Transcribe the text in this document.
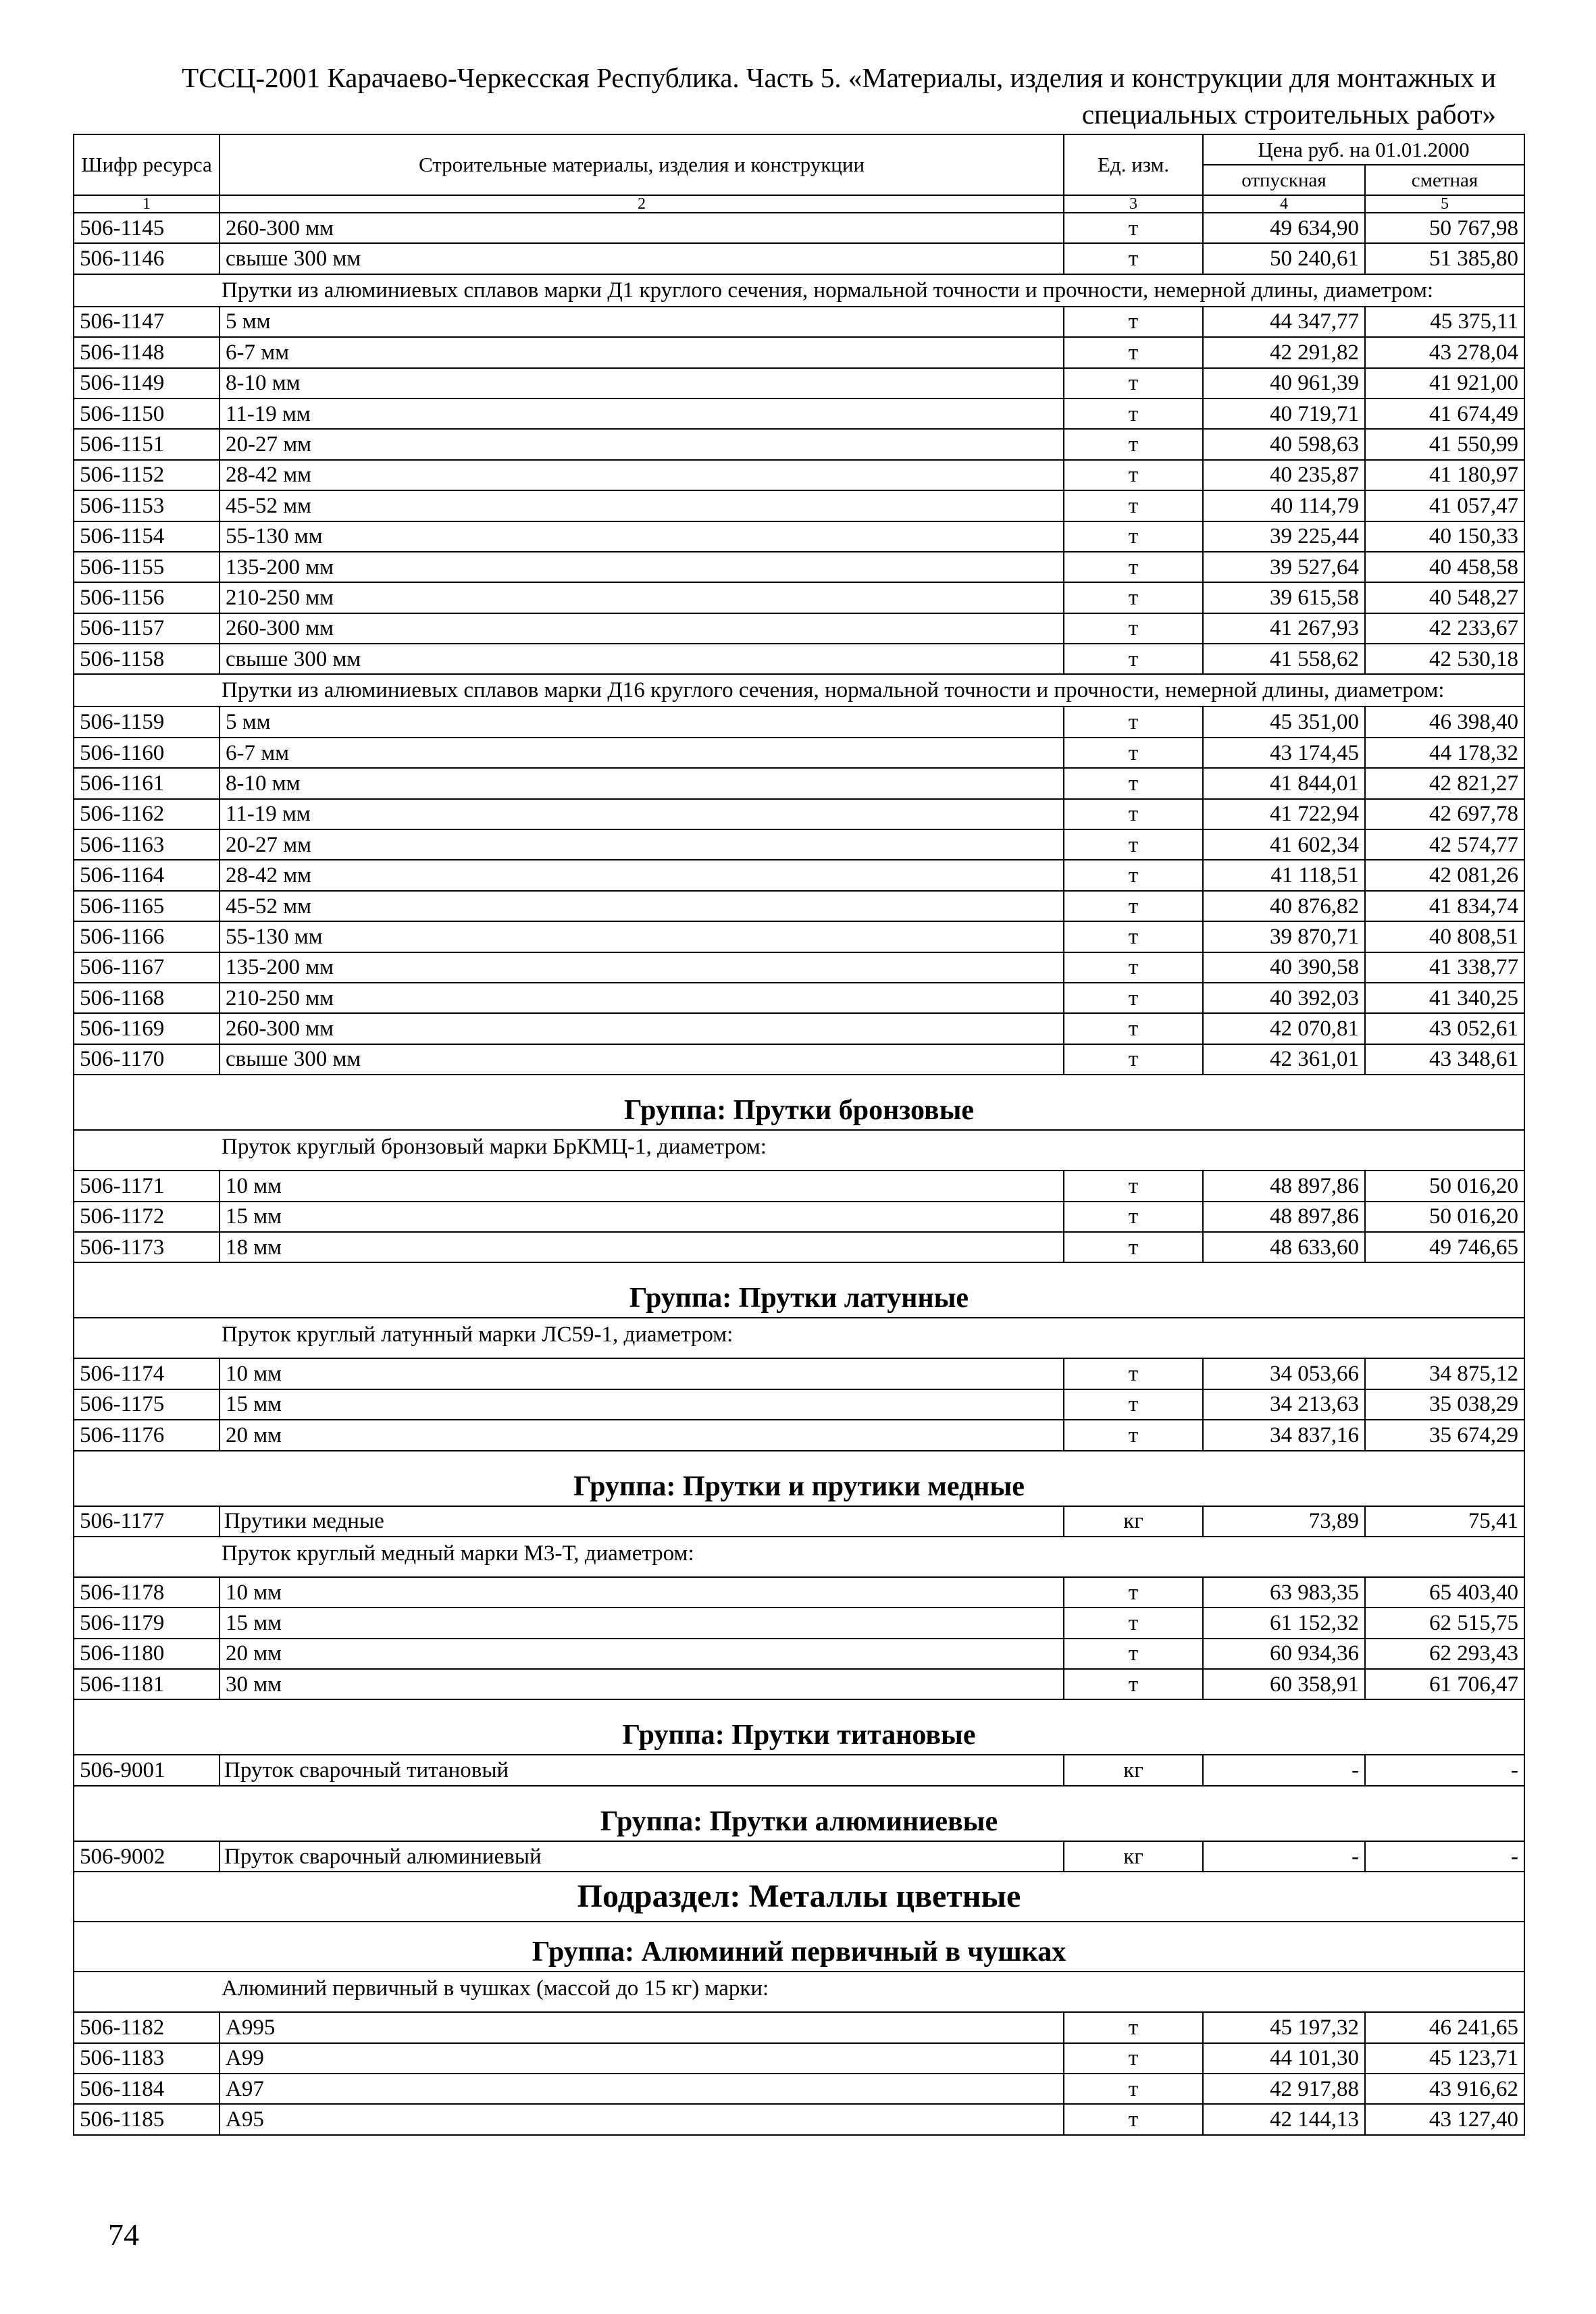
ТССЦ-2001 Карачаево-Черкесская Республика. Часть 5. «Материалы, изделия и конструкции для монтажных и
специальных строительных работ»
Шифр ресурса	Строительные материалы, изделия и конструкции	Ед. изм.	Цена руб. на 01.01.2000	
			отпускная	сметная
1	2	3	4	5
506-1145	260-300 мм	т	49 634,90	50 767,98
506-1146	свыше 300 мм	т	50 240,61	51 385,80
Прутки из алюминиевых сплавов марки Д1 круглого сечения, нормальной точности и прочности, немерной длины, диаметром:				
506-1147	5 мм	т	44 347,77	45 375,11
506-1148	6-7 мм	т	42 291,82	43 278,04
506-1149	8-10 мм	т	40 961,39	41 921,00
506-1150	11-19 мм	т	40 719,71	41 674,49
506-1151	20-27 мм	т	40 598,63	41 550,99
506-1152	28-42 мм	т	40 235,87	41 180,97
506-1153	45-52 мм	т	40 114,79	41 057,47
506-1154	55-130 мм	т	39 225,44	40 150,33
506-1155	135-200 мм	т	39 527,64	40 458,58
506-1156	210-250 мм	т	39 615,58	40 548,27
506-1157	260-300 мм	т	41 267,93	42 233,67
506-1158	свыше 300 мм	т	41 558,62	42 530,18
Прутки из алюминиевых сплавов марки Д16 круглого сечения, нормальной точности и прочности, немерной длины, диаметром:				
506-1159	5 мм	т	45 351,00	46 398,40
506-1160	6-7 мм	т	43 174,45	44 178,32
506-1161	8-10 мм	т	41 844,01	42 821,27
506-1162	11-19 мм	т	41 722,94	42 697,78
506-1163	20-27 мм	т	41 602,34	42 574,77
506-1164	28-42 мм	т	41 118,51	42 081,26
506-1165	45-52 мм	т	40 876,82	41 834,74
506-1166	55-130 мм	т	39 870,71	40 808,51
506-1167	135-200 мм	т	40 390,58	41 338,77
506-1168	210-250 мм	т	40 392,03	41 340,25
506-1169	260-300 мм	т	42 070,81	43 052,61
506-1170	свыше 300 мм	т	42 361,01	43 348,61
Группа: Прутки бронзовые				
Пруток круглый бронзовый марки БрКМЦ-1, диаметром:				
506-1171	10 мм	т	48 897,86	50 016,20
506-1172	15 мм	т	48 897,86	50 016,20
506-1173	18 мм	т	48 633,60	49 746,65
Группа: Прутки латунные				
Пруток круглый латунный марки ЛС59-1, диаметром:				
506-1174	10 мм	т	34 053,66	34 875,12
506-1175	15 мм	т	34 213,63	35 038,29
506-1176	20 мм	т	34 837,16	35 674,29
Группа: Прутки и прутики медные				
506-1177	Прутики медные	кг	73,89	75,41
Пруток круглый медный марки М3-Т, диаметром:				
506-1178	10 мм	т	63 983,35	65 403,40
506-1179	15 мм	т	61 152,32	62 515,75
506-1180	20 мм	т	60 934,36	62 293,43
506-1181	30 мм	т	60 358,91	61 706,47
Группа: Прутки титановые				
506-9001	Пруток сварочный титановый	кг	-	-
Группа: Прутки алюминиевые				
506-9002	Пруток сварочный алюминиевый	кг	-	-
Подраздел: Металлы цветные				
Группа: Алюминий первичный в чушках				
Алюминий первичный в чушках (массой до 15 кг) марки:				
506-1182	А995	т	45 197,32	46 241,65
506-1183	А99	т	44 101,30	45 123,71
506-1184	А97	т	42 917,88	43 916,62
506-1185	А95	т	42 144,13	43 127,40
74
